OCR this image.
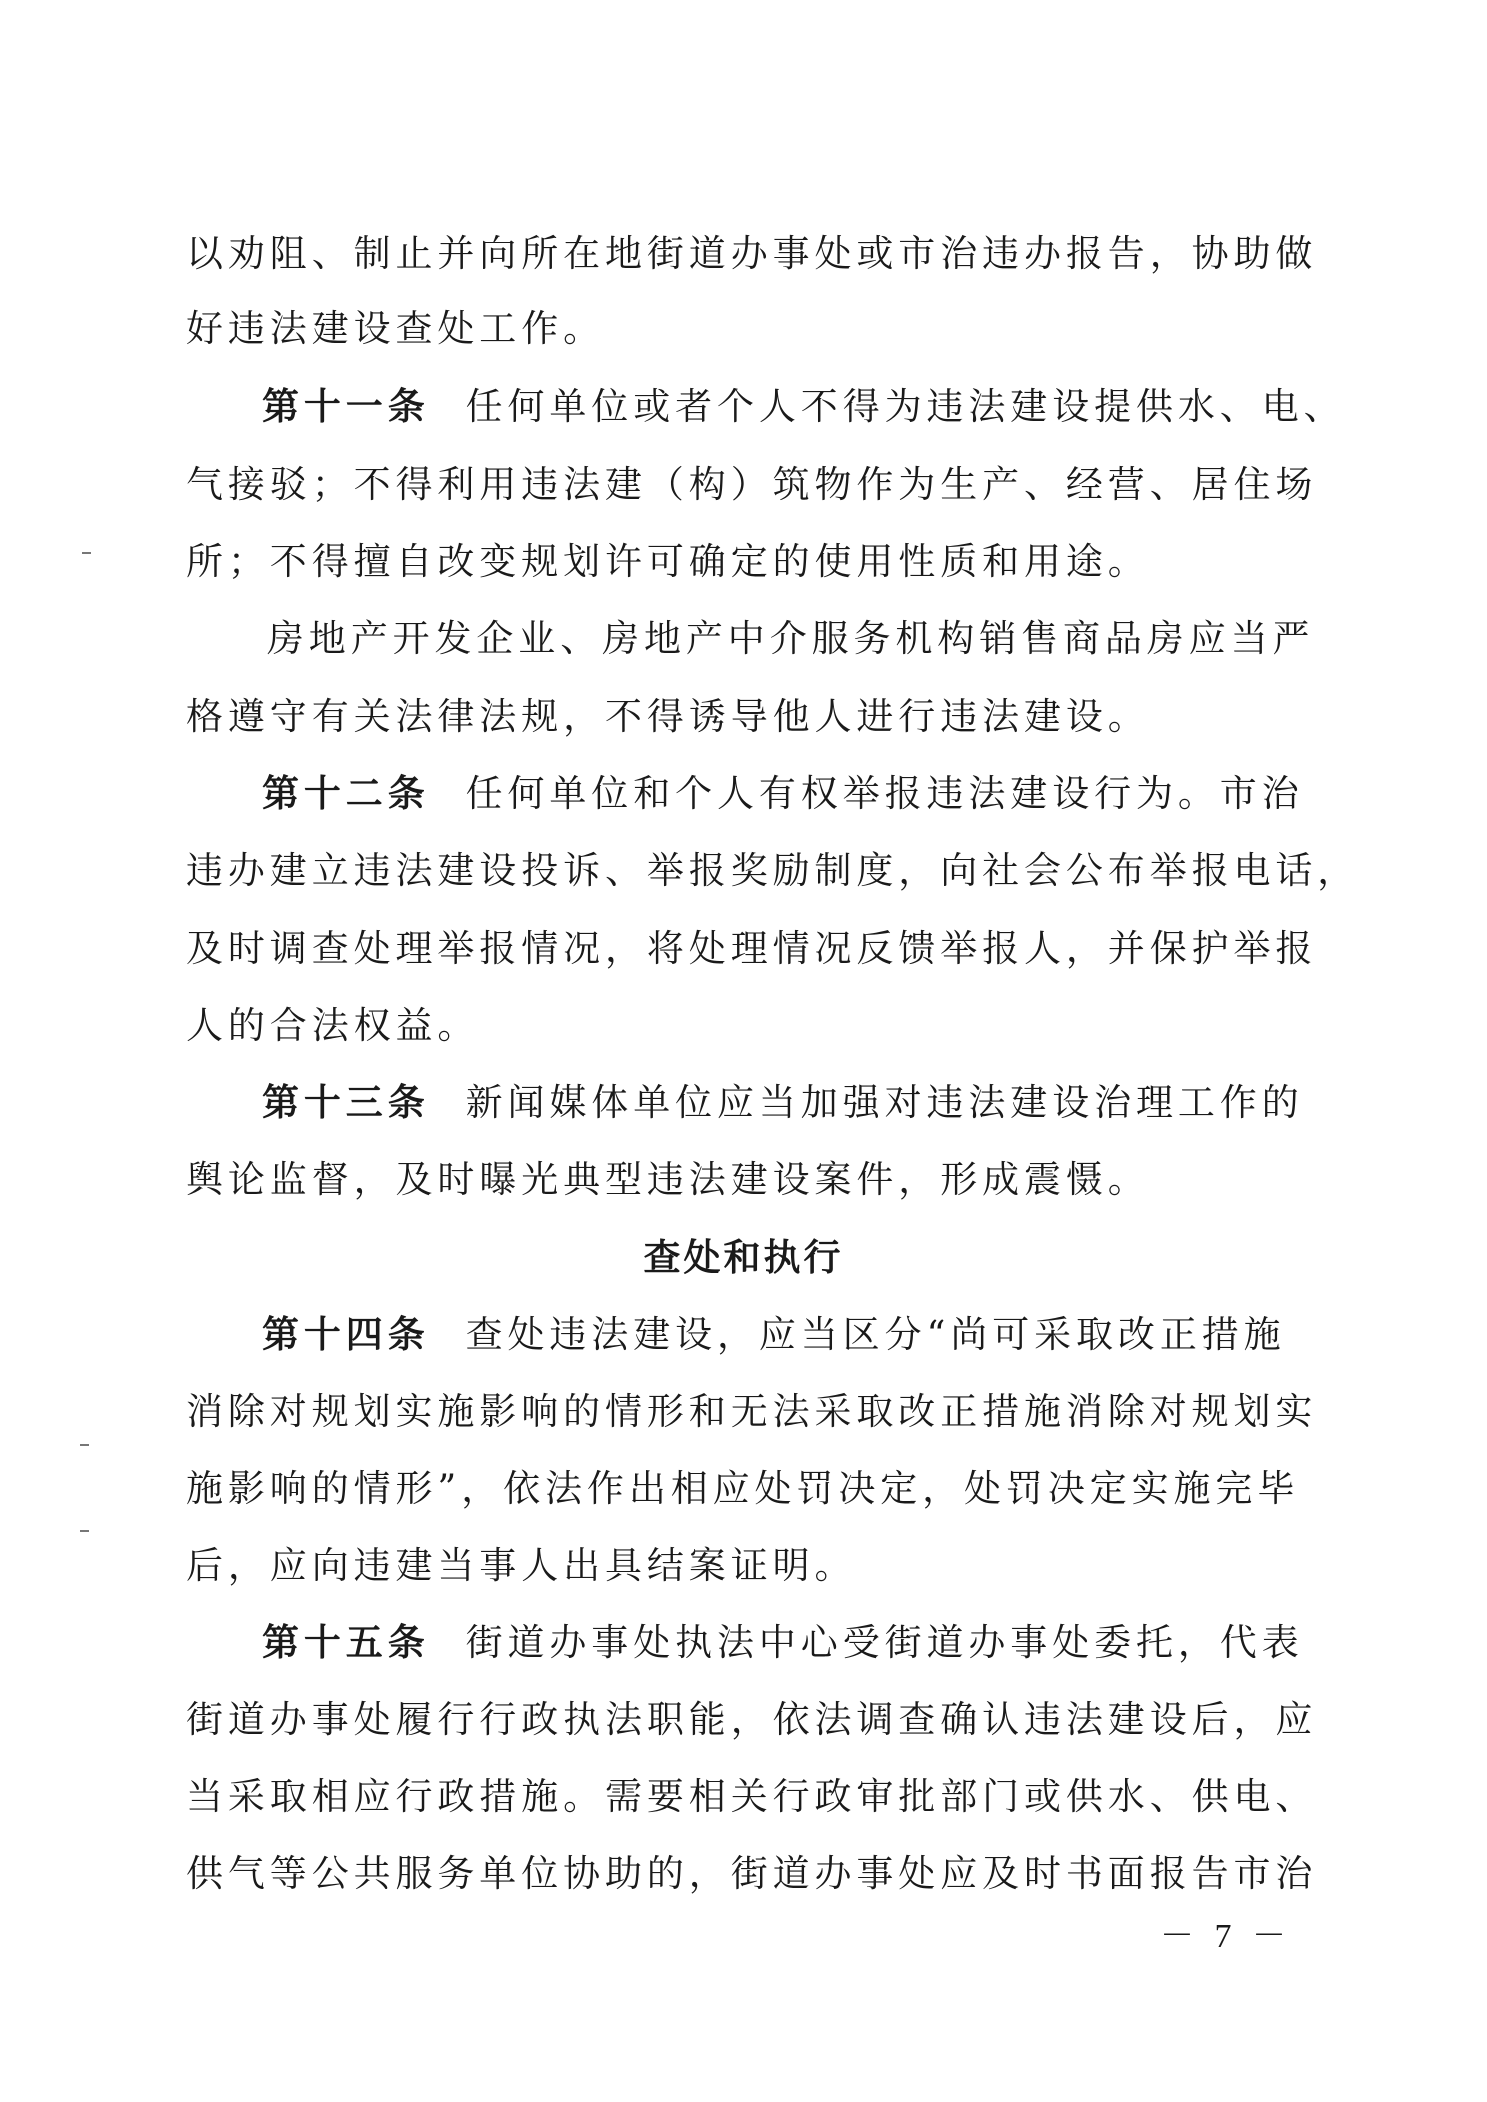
以劝阻、制止并向所在地街道办事处或市治违办报告，协助做
好违法建设查处工作。
第十一条 任何单位或者个人不得为违法建设提供水、电、
气接驳；不得利用违法建（构）筑物作为生产、经营、居住场
所；不得擅自改变规划许可确定的使用性质和用途。
　房地产开发企业、房地产中介服务机构销售商品房应当严
格遵守有关法律法规，不得诱导他人进行违法建设。
第十二条 任何单位和个人有权举报违法建设行为。市治
违办建立违法建设投诉、举报奖励制度，向社会公布举报电话，
及时调查处理举报情况，将处理情况反馈举报人，并保护举报
人的合法权益。
第十三条 新闻媒体单位应当加强对违法建设治理工作的
舆论监督，及时曝光典型违法建设案件，形成震慑。
查处和执行
第十四条 查处违法建设，应当区分“尚可采取改正措施
消除对规划实施影响的情形和无法采取改正措施消除对规划实
施影响的情形”，依法作出相应处罚决定，处罚决定实施完毕
后，应向违建当事人出具结案证明。
第十五条 街道办事处执法中心受街道办事处委托，代表
街道办事处履行行政执法职能，依法调查确认违法建设后，应
当采取相应行政措施。需要相关行政审批部门或供水、供电、
供气等公共服务单位协助的，街道办事处应及时书面报告市治
－ 7 －
